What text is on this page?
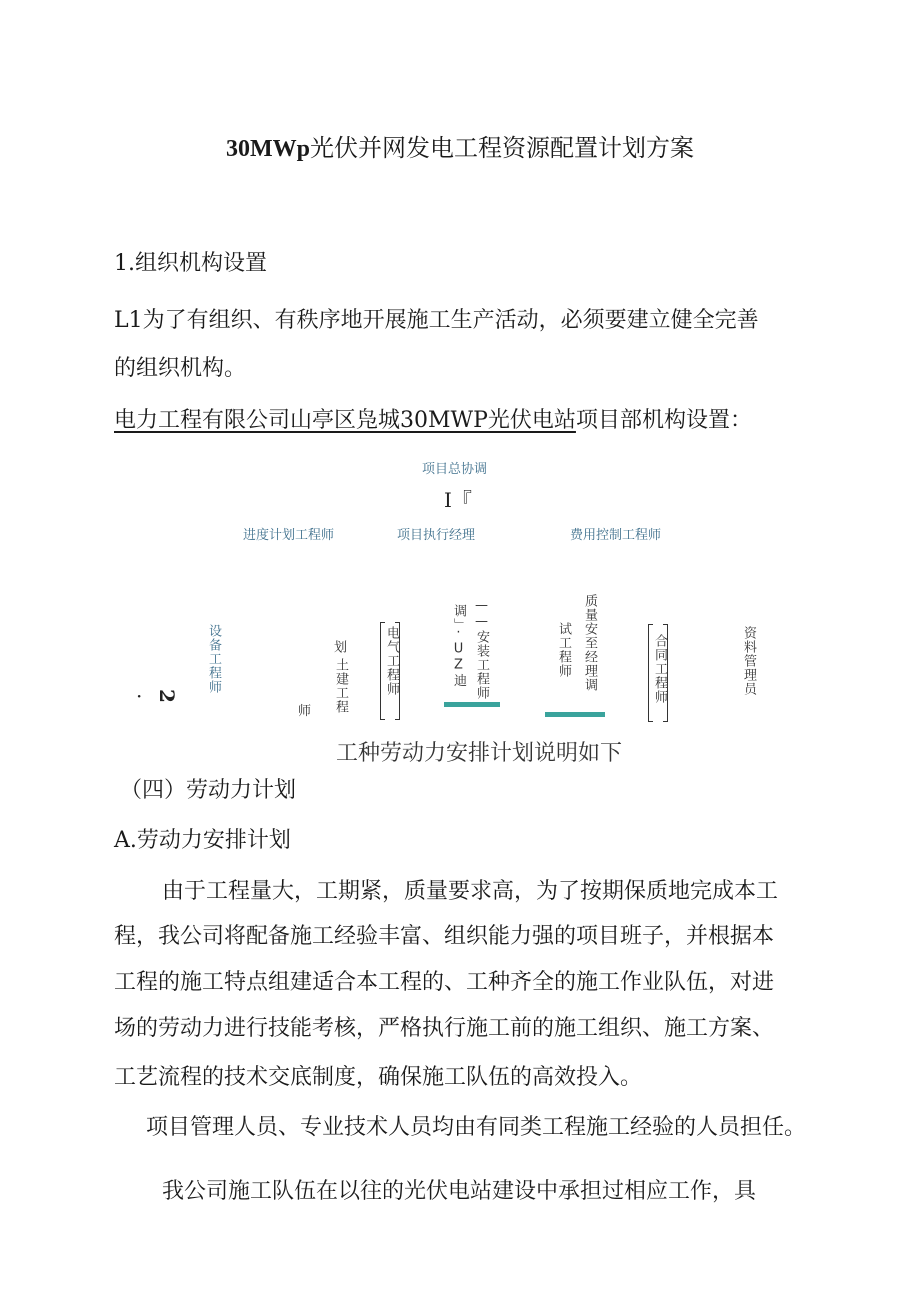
30MWp光伏并网发电工程资源配置计划方案
1.组织机构设置
L1为了有组织、有秩序地开展施工生产活动，必须要建立健全完善
的组织机构。
电力工程有限公司山亭区凫城30MWP光伏电站项目部机构设置：
项目总协调
I『
进度计划工程师	项目执行经理	费用控制工程师
设备工程师
· 2
师
划
土建工程	电气工程师	调」·UZ迪 ——安装工程师	试工程师 质量安至经理调	合同工程师	资料管理员
工种劳动力安排计划说明如下
（四）劳动力计划
A.劳动力安排计划
由于工程量大，工期紧，质量要求高，为了按期保质地完成本工
程，我公司将配备施工经验丰富、组织能力强的项目班子，并根据本
工程的施工特点组建适合本工程的、工种齐全的施工作业队伍，对进
场的劳动力进行技能考核，严格执行施工前的施工组织、施工方案、
工艺流程的技术交底制度，确保施工队伍的高效投入。
项目管理人员、专业技术人员均由有同类工程施工经验的人员担任。
我公司施工队伍在以往的光伏电站建设中承担过相应工作，具
